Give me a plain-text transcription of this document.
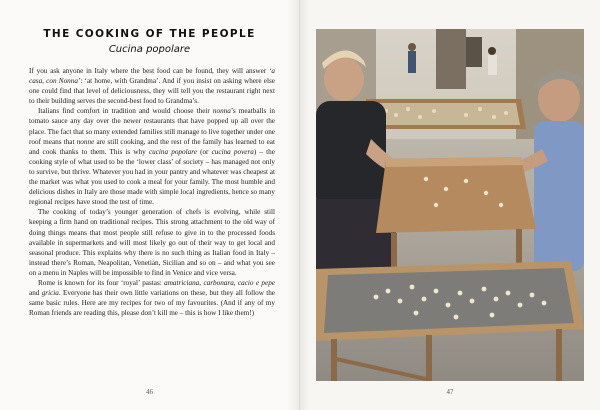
THE COOKING OF THE PEOPLE
Cucina popolare

If you ask anyone in Italy where the best food can be found, they will answer ‘a casa, con Nonna’: ‘at home, with Grandma’. And if you insist on asking where else one could find that level of deliciousness, they will tell you the restaurant right next to their building serves the second-best food to Grandma’s.

Italians find comfort in tradition and would choose their nonna’s meatballs in tomato sauce any day over the newer restaurants that have popped up all over the place. The fact that so many extended families still manage to live together under one roof means that nonne are still cooking, and the rest of the family has learned to eat and cook thanks to them. This is why cucina popolare (or cucina povera) – the cooking style of what used to be the ‘lower class’ of society – has managed not only to survive, but thrive. Whatever you had in your pantry and whatever was cheapest at the market was what you used to cook a meal for your family. The most humble and delicious dishes in Italy are those made with simple local ingredients, hence so many regional recipes have stood the test of time.

The cooking of today’s younger generation of chefs is evolving, while still keeping a firm hand on traditional recipes. This strong attachment to the old way of doing things means that most people still refuse to give in to the processed foods available in supermarkets and will most likely go out of their way to get local and seasonal produce. This explains why there is no such thing as Italian food in Italy – instead there’s Roman, Neapolitan, Venetian, Sicilian and so on – and what you see on a menu in Naples will be impossible to find in Venice and vice versa.

Rome is known for its four ‘royal’ pastas: amatriciana, carbonara, cacio e pepe and gricia. Everyone has their own little variations on these, but they all follow the same basic rules. Here are my recipes for two of my favourites. (And if any of my Roman friends are reading this, please don’t kill me – this is how I like them!)

46	47
